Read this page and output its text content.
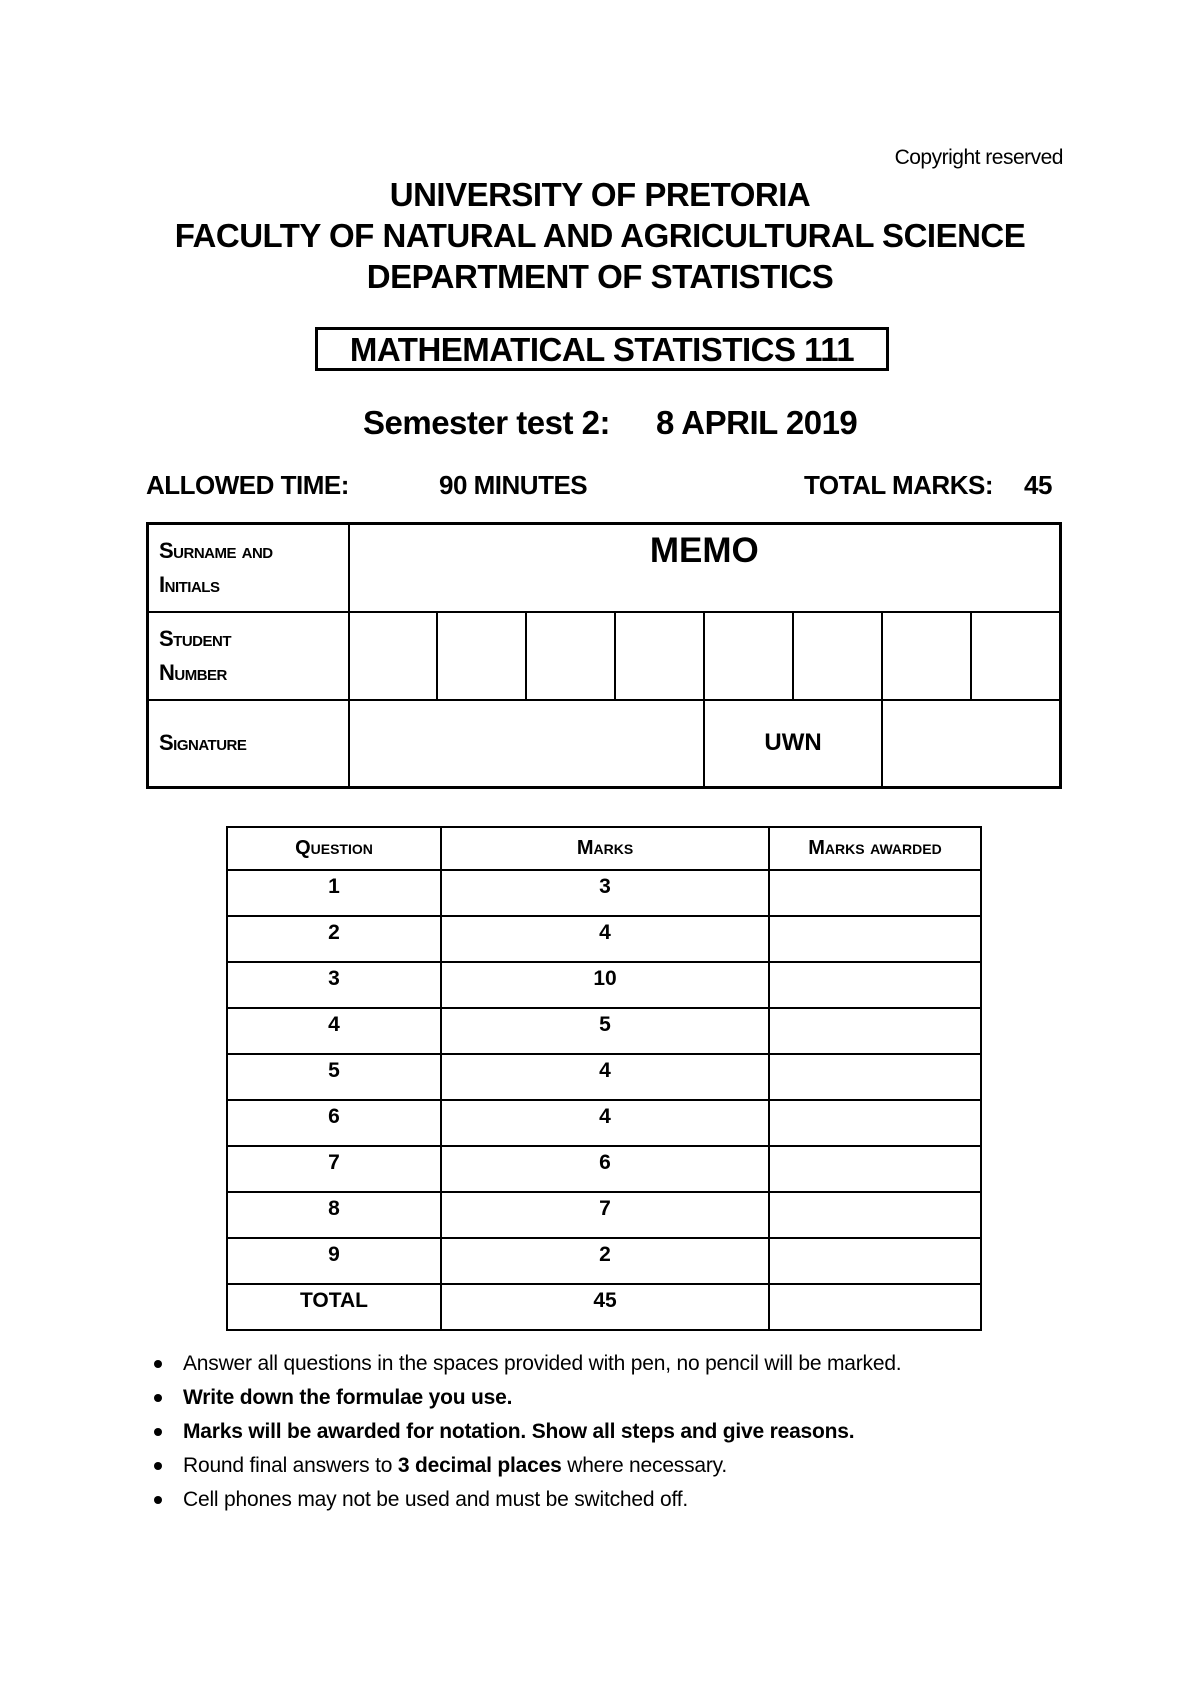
Copyright reserved
UNIVERSITY OF PRETORIA
FACULTY OF NATURAL AND AGRICULTURAL SCIENCE
DEPARTMENT OF STATISTICS
MATHEMATICAL STATISTICS 111
Semester test 2: 8 APRIL 2019
ALLOWED TIME:	90 MINUTES	TOTAL MARKS: 45
Surname and
Initials	MEMO							

Student
Number								

Signature					UWN			
Question	Marks	Marks awarded
1	3	
2	4	
3	10	
4	5	
5	4	
6	4	
7	6	
8	7	
9	2	
TOTAL	45	
Answer all questions in the spaces provided with pen, no pencil will be marked.
Write down the formulae you use.
Marks will be awarded for notation. Show all steps and give reasons.
Round final answers to 3 decimal places where necessary.
Cell phones may not be used and must be switched off.
